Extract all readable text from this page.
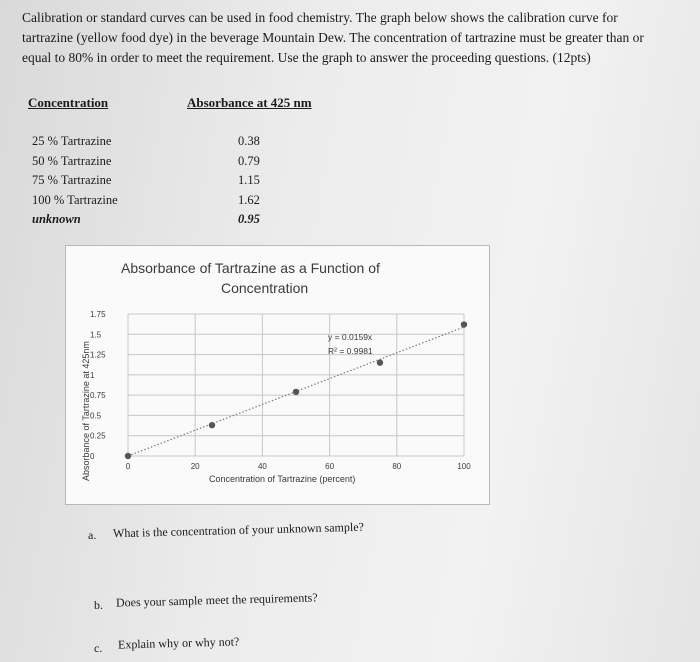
Calibration or standard curves can be used in food chemistry. The graph below shows the calibration curve for
tartrazine (yellow food dye) in the beverage Mountain Dew. The concentration of tartrazine must be greater than or
equal to 80% in order to meet the requirement. Use the graph to answer the proceeding questions. (12pts)
Concentration	Absorbance at 425 nm
25 % Tartrazine	0.38
50 % Tartrazine	0.79
75 % Tartrazine	1.15
100 % Tartrazine	1.62
unknown	0.95
Absorbance of Tartrazine as a Function of
Concentration
0
0.25
0.5
0.75
1
1.25
1.5
1.75
0	20	40	60	80	100
y = 0.0159x
R² = 0.9981
Concentration of Tartrazine (percent)
Absorbance of Tartrazine at 425nm
a. What is the concentration of your unknown sample?
b. Does your sample meet the requirements?
c. Explain why or why not?
